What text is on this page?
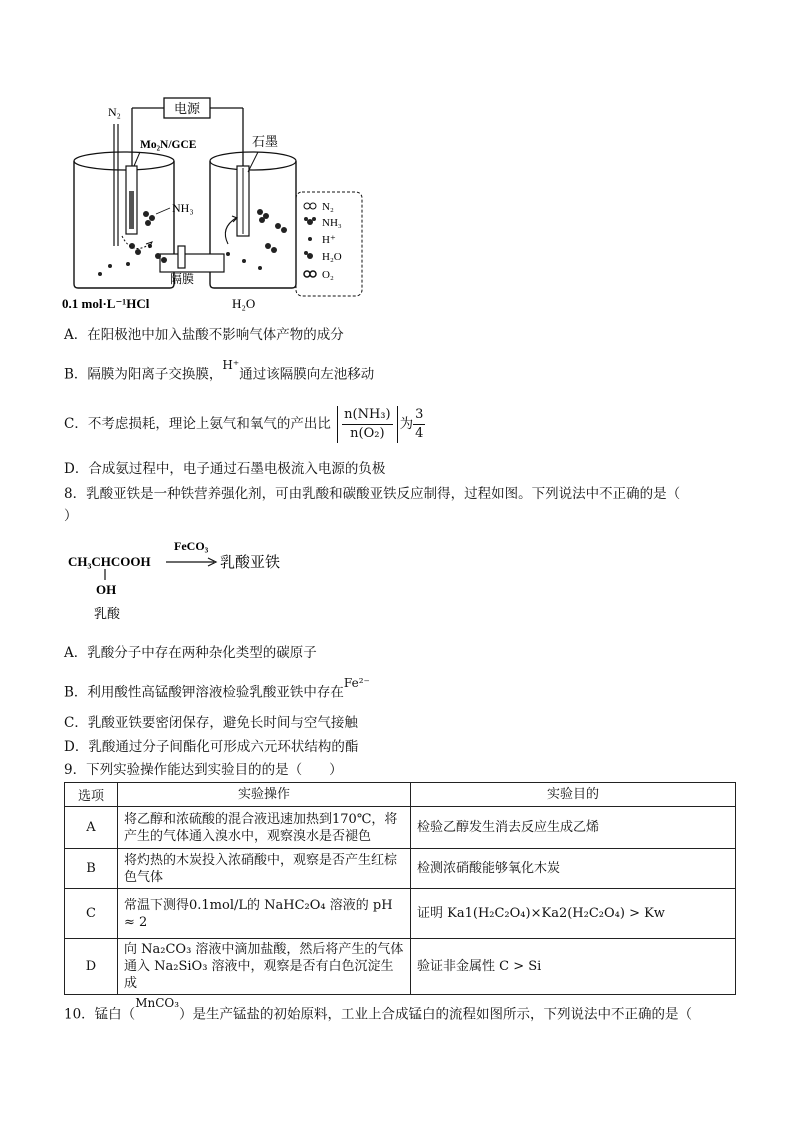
电源
N₂
隔膜
Mo₂N/GCE	石墨
NH₃
0.1 mol·L⁻¹HCl	H₂O
N₂
NH₃
H⁺
H₂O
O₂
A．在阳极池中加入盐酸不影响气体产物的成分
B．隔膜为阳离子交换膜，$^{H^+}$通过该隔膜向左池移动
C．不考虑损耗，理论上氨气和氧气的产出比 $\frac{\text{n(NH₃)}}{\text{n(O₂)}}$ 为 $\frac{3}{4}$
D．合成氨过程中，电子通过石墨电极流入电源的负极
8．乳酸亚铁是一种铁营养强化剂，可由乳酸和碳酸亚铁反应制得，过程如图。下列说法中不正确的是（
）
FeCO₃
CH₃CHCOOH	乳酸亚铁
OH
乳酸
A．乳酸分子中存在两种杂化类型的碳原子
B．利用酸性高锰酸钾溶液检验乳酸亚铁中存在$^{Fe^{2-}}$
C．乳酸亚铁要密闭保存，避免长时间与空气接触
D．乳酸通过分子间酯化可形成六元环状结构的酯
9．下列实验操作能达到实验目的的是（　　）
选项	实验操作	实验目的
A	将乙醇和浓硫酸的混合液迅速加热到170℃，将产生的气体通入溴水中，观察溴水是否褪色	检验乙醇发生消去反应生成乙烯
B	将灼热的木炭投入浓硝酸中，观察是否产生红棕色气体	检测浓硝酸能够氧化木炭
C	常温下测得0.1mol/L的 NaHC₂O₄ 溶液的 pH ≈ 2	证明 Ka1(H₂C₂O₄)×Ka2(H₂C₂O₄) > Kw
D	向 Na₂CO₃ 溶液中滴加盐酸，然后将产生的气体通入 Na₂SiO₃ 溶液中，观察是否有白色沉淀生成	验证非金属性 C > Si
10．锰白（$^{MnCO_3}$）是生产锰盐的初始原料，工业上合成锰白的流程如图所示，下列说法中不正确的是（
